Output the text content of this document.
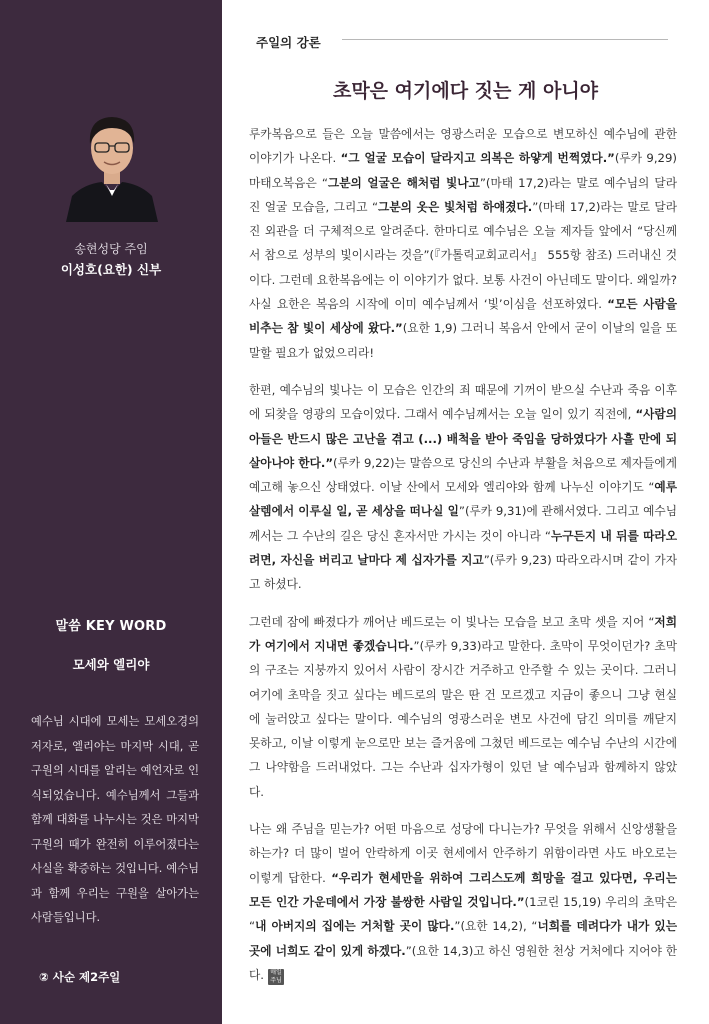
송현성당 주임
이성호(요한) 신부
말씀 KEY WORD
모세와 엘리야
예수님 시대에 모세는 모세오경의 저자로, 엘리야는 마지막 시대, 곧 구원의 시대를 알리는 예언자로 인식되었습니다. 예수님께서 그들과 함께 대화를 나누시는 것은 마지막 구원의 때가 완전히 이루어졌다는 사실을 확증하는 것입니다. 예수님과 함께 우리는 구원을 살아가는 사람들입니다.
② 사순 제2주일
주일의 강론
초막은 여기에다 짓는 게 아니야

루카복음으로 들은 오늘 말씀에서는 영광스러운 모습으로 변모하신 예수님에 관한 이야기가 나온다. “그 얼굴 모습이 달라지고 의복은 하얗게 번쩍였다.”(루카 9,29) 마태오복음은 “그분의 얼굴은 해처럼 빛나고”(마태 17,2)라는 말로 예수님의 달라진 얼굴 모습을, 그리고 “그분의 옷은 빛처럼 하얘졌다.”(마태 17,2)라는 말로 달라진 외관을 더 구체적으로 알려준다. 한마디로 예수님은 오늘 제자들 앞에서 “당신께서 참으로 성부의 빛이시라는 것을”(『가톨릭교회교리서』 555항 참조) 드러내신 것이다. 그런데 요한복음에는 이 이야기가 없다. 보통 사건이 아닌데도 말이다. 왜일까? 사실 요한은 복음의 시작에 이미 예수님께서 ‘빛’이심을 선포하였다. “모든 사람을 비추는 참 빛이 세상에 왔다.”(요한 1,9) 그러니 복음서 안에서 굳이 이날의 일을 또 말할 필요가 없었으리라!

한편, 예수님의 빛나는 이 모습은 인간의 죄 때문에 기꺼이 받으실 수난과 죽음 이후에 되찾을 영광의 모습이었다. 그래서 예수님께서는 오늘 일이 있기 직전에, “사람의 아들은 반드시 많은 고난을 겪고 (...) 배척을 받아 죽임을 당하였다가 사흘 만에 되살아나야 한다.”(루카 9,22)는 말씀으로 당신의 수난과 부활을 처음으로 제자들에게 예고해 놓으신 상태였다. 이날 산에서 모세와 엘리야와 함께 나누신 이야기도 “예루살렘에서 이루실 일, 곧 세상을 떠나실 일”(루카 9,31)에 관해서였다. 그리고 예수님께서는 그 수난의 길은 당신 혼자서만 가시는 것이 아니라 “누구든지 내 뒤를 따라오려면, 자신을 버리고 날마다 제 십자가를 지고”(루카 9,23) 따라오라시며 같이 가자고 하셨다.

그런데 잠에 빠졌다가 깨어난 베드로는 이 빛나는 모습을 보고 초막 셋을 지어 “저희가 여기에서 지내면 좋겠습니다.”(루카 9,33)라고 말한다. 초막이 무엇이던가? 초막의 구조는 지붕까지 있어서 사람이 장시간 거주하고 안주할 수 있는 곳이다. 그러니 여기에 초막을 짓고 싶다는 베드로의 말은 딴 건 모르겠고 지금이 좋으니 그냥 현실에 눌러앉고 싶다는 말이다. 예수님의 영광스러운 변모 사건에 담긴 의미를 깨닫지 못하고, 이날 이렇게 눈으로만 보는 즐거움에 그쳤던 베드로는 예수님 수난의 시간에 그 나약함을 드러내었다. 그는 수난과 십자가형이 있던 날 예수님과 함께하지 않았다.

나는 왜 주님을 믿는가? 어떤 마음으로 성당에 다니는가? 무엇을 위해서 신앙생활을 하는가? 더 많이 벌어 안락하게 이곳 현세에서 안주하기 위함이라면 사도 바오로는 이렇게 답한다. “우리가 현세만을 위하여 그리스도께 희망을 걸고 있다면, 우리는 모든 인간 가운데에서 가장 불쌍한 사람일 것입니다.”(1코린 15,19) 우리의 초막은 “내 아버지의 집에는 거처할 곳이 많다.”(요한 14,2), “너희를 데려다가 내가 있는 곳에 너희도 같이 있게 하겠다.”(요한 14,3)고 하신 영원한 천상 거처에다 지어야 한다. 매일 주님
